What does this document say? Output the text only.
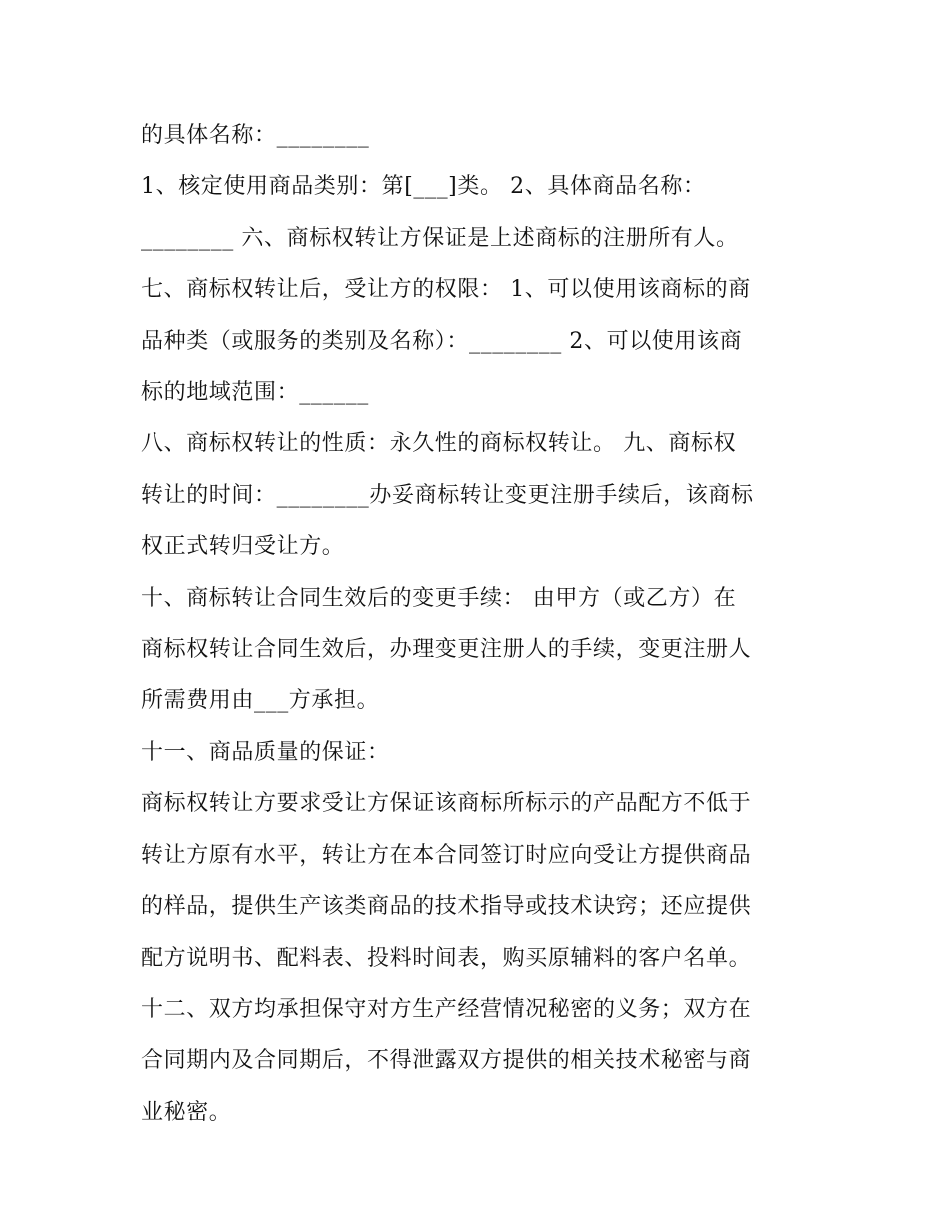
的具体名称：________
1、核定使用商品类别：第[___]类。 2、具体商品名称：
________ 六、商标权转让方保证是上述商标的注册所有人。
七、商标权转让后，受让方的权限： 1、可以使用该商标的商
品种类（或服务的类别及名称）：________ 2、可以使用该商
标的地域范围：______
八、商标权转让的性质：永久性的商标权转让。 九、商标权
转让的时间：________办妥商标转让变更注册手续后，该商标
权正式转归受让方。
十、商标转让合同生效后的变更手续： 由甲方（或乙方）在
商标权转让合同生效后，办理变更注册人的手续，变更注册人
所需费用由___方承担。
十一、商品质量的保证：
商标权转让方要求受让方保证该商标所标示的产品配方不低于
转让方原有水平，转让方在本合同签订时应向受让方提供商品
的样品，提供生产该类商品的技术指导或技术诀窍；还应提供
配方说明书、配料表、投料时间表，购买原辅料的客户名单。
十二、双方均承担保守对方生产经营情况秘密的义务；双方在
合同期内及合同期后，不得泄露双方提供的相关技术秘密与商
业秘密。
